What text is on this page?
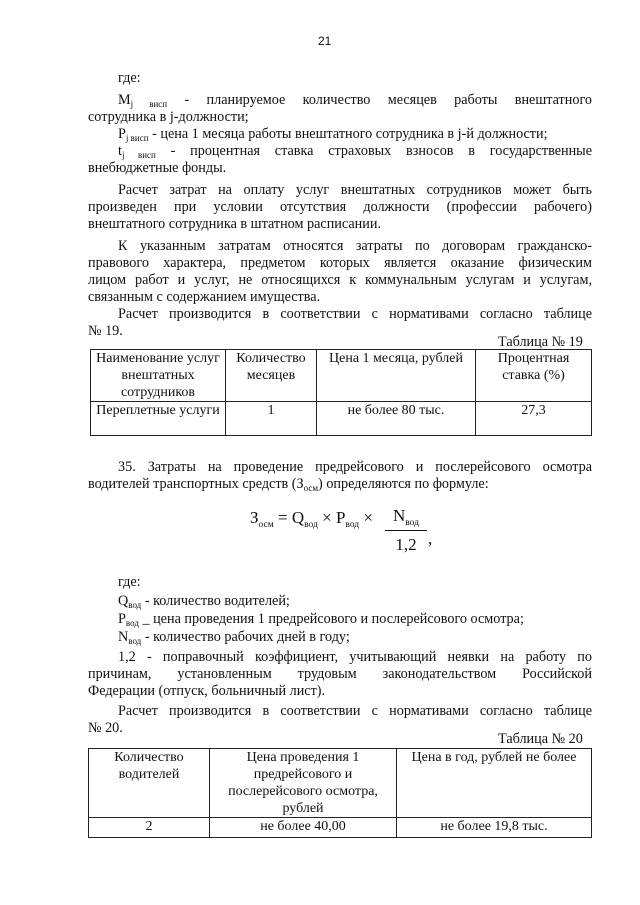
21
где:
$M_{j висп}$ - планируемое количество месяцев работы внештатного
сотрудника в j-должности;
$P_{j висп}$ - цена 1 месяца работы внештатного сотрудника в j-й должности;
$t_{j висп}$ - процентная ставка страховых взносов в государственные
внебюджетные фонды.
Расчет затрат на оплату услуг внештатных сотрудников может быть
произведен при условии отсутствия должности (профессии рабочего)
внештатного сотрудника в штатном расписании.
К указанным затратам относятся затраты по договорам гражданско-
правового характера, предметом которых является оказание физическим
лицом работ и услуг, не относящихся к коммунальным услугам и услугам,
связанным с содержанием имущества.
Расчет производится в соответствии с нормативами согласно таблице
№ 19.
Таблица № 19
Наименование услуг внештатных сотрудников	Количество месяцев	Цена 1 месяца, рублей	Процентная ставка (%)
Переплетные услуги	1	не более 80 тыс.	27,3
35. Затраты на проведение предрейсового и послерейсового осмотра
водителей транспортных средств $(З_{осм})$ определяются по формуле:
$З_{осм} = Q_{вод} \times P_{вод}$ ×	$N_{вод}$
1,2 ,
где:
$Q_{вод}$ - количество водителей;
$P_{вод}$ _ цена проведения 1 предрейсового и послерейсового осмотра;
$N_{вод}$ - количество рабочих дней в году;
1,2 - поправочный коэффициент, учитывающий неявки на работу по
причинам, установленным трудовым законодательством Российской
Федерации (отпуск, больничный лист).
Расчет производится в соответствии с нормативами согласно таблице
№ 20.
Таблица № 20
Количество водителей	Цена проведения 1 предрейсового и послерейсового осмотра, рублей	Цена в год, рублей не более
2	не более 40,00	не более 19,8 тыс.
